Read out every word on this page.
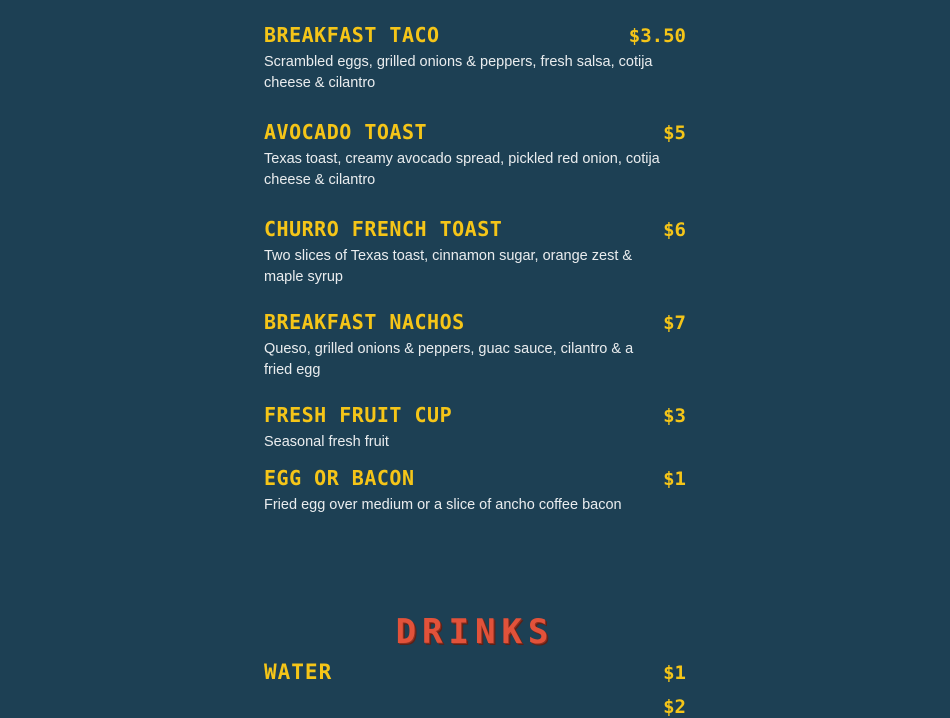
BREAKFAST TACO	$3.50
Scrambled eggs, grilled onions & peppers, fresh salsa, cotija cheese & cilantro
AVOCADO TOAST	$5
Texas toast, creamy avocado spread, pickled red onion, cotija cheese & cilantro
CHURRO FRENCH TOAST	$6
Two slices of Texas toast, cinnamon sugar, orange zest & maple syrup
BREAKFAST NACHOS	$7
Queso, grilled onions & peppers, guac sauce, cilantro & a fried egg
FRESH FRUIT CUP	$3
Seasonal fresh fruit
EGG OR BACON	$1
Fried egg over medium or a slice of ancho coffee bacon
DRINKS
WATER	$1
$2
